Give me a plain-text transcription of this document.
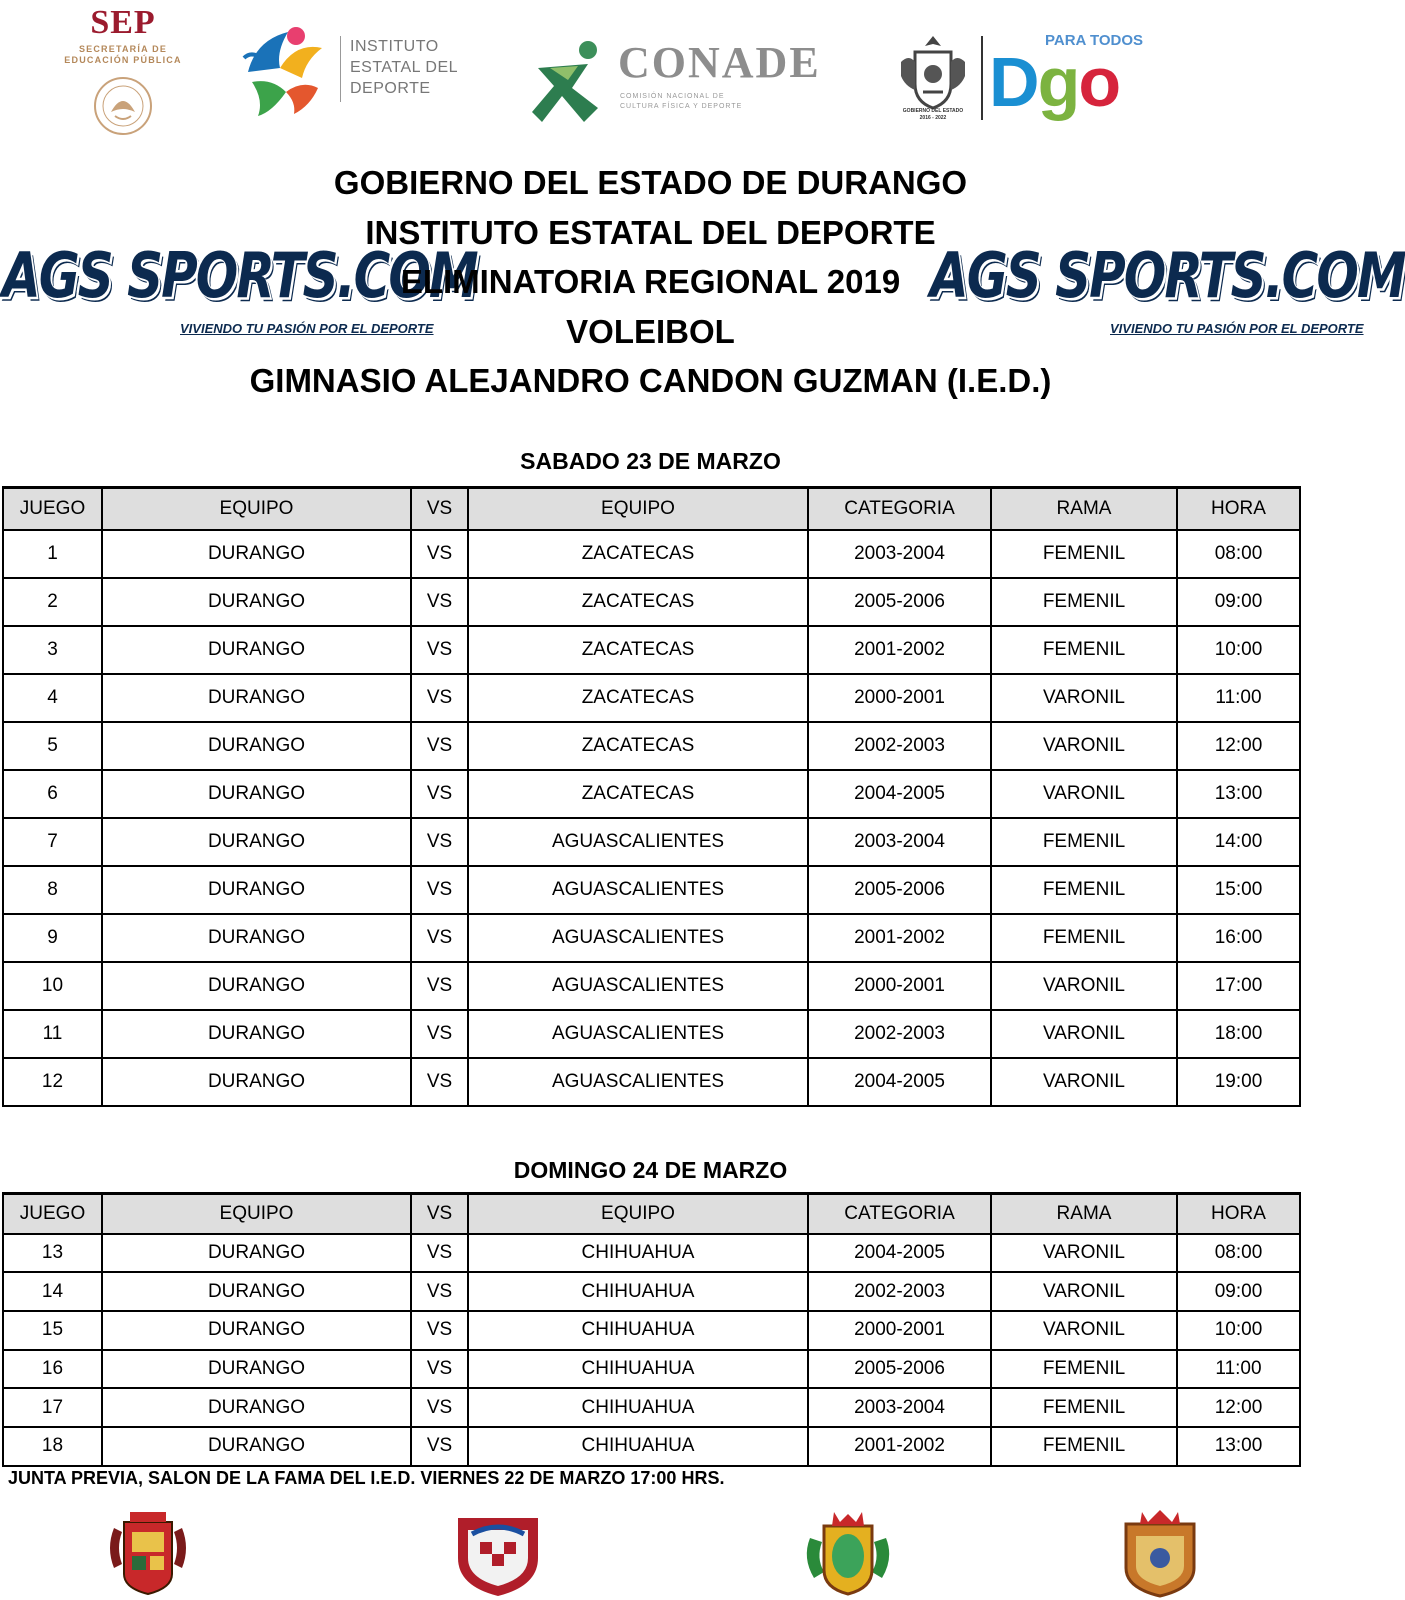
SEP
SECRETARÍA DE
EDUCACIÓN PÚBLICA
INSTITUTO
ESTATAL DEL
DEPORTE
CONADE
COMISIÓN NACIONAL DE
CULTURA FÍSICA Y DEPORTE
GOBIERNO DEL ESTADO
2016 - 2022
PARA TODOS
Dgo
AGS SPORTS.COM
VIVIENDO TU PASIÓN POR EL DEPORTE
AGS SPORTS.COM
VIVIENDO TU PASIÓN POR EL DEPORTE
GOBIERNO DEL ESTADO DE DURANGO
INSTITUTO ESTATAL DEL DEPORTE
ELIMINATORIA REGIONAL 2019
VOLEIBOL
GIMNASIO ALEJANDRO CANDON GUZMAN (I.E.D.)
SABADO 23 DE MARZO
JUEGO	EQUIPO	VS	EQUIPO	CATEGORIA	RAMA	HORA
1	DURANGO	VS	ZACATECAS	2003-2004	FEMENIL	08:00
2	DURANGO	VS	ZACATECAS	2005-2006	FEMENIL	09:00
3	DURANGO	VS	ZACATECAS	2001-2002	FEMENIL	10:00
4	DURANGO	VS	ZACATECAS	2000-2001	VARONIL	11:00
5	DURANGO	VS	ZACATECAS	2002-2003	VARONIL	12:00
6	DURANGO	VS	ZACATECAS	2004-2005	VARONIL	13:00
7	DURANGO	VS	AGUASCALIENTES	2003-2004	FEMENIL	14:00
8	DURANGO	VS	AGUASCALIENTES	2005-2006	FEMENIL	15:00
9	DURANGO	VS	AGUASCALIENTES	2001-2002	FEMENIL	16:00
10	DURANGO	VS	AGUASCALIENTES	2000-2001	VARONIL	17:00
11	DURANGO	VS	AGUASCALIENTES	2002-2003	VARONIL	18:00
12	DURANGO	VS	AGUASCALIENTES	2004-2005	VARONIL	19:00
DOMINGO 24 DE MARZO
JUEGO	EQUIPO	VS	EQUIPO	CATEGORIA	RAMA	HORA
13	DURANGO	VS	CHIHUAHUA	2004-2005	VARONIL	08:00
14	DURANGO	VS	CHIHUAHUA	2002-2003	VARONIL	09:00
15	DURANGO	VS	CHIHUAHUA	2000-2001	VARONIL	10:00
16	DURANGO	VS	CHIHUAHUA	2005-2006	FEMENIL	11:00
17	DURANGO	VS	CHIHUAHUA	2003-2004	FEMENIL	12:00
18	DURANGO	VS	CHIHUAHUA	2001-2002	FEMENIL	13:00
JUNTA PREVIA, SALON DE LA FAMA DEL I.E.D. VIERNES 22 DE MARZO 17:00 HRS.
